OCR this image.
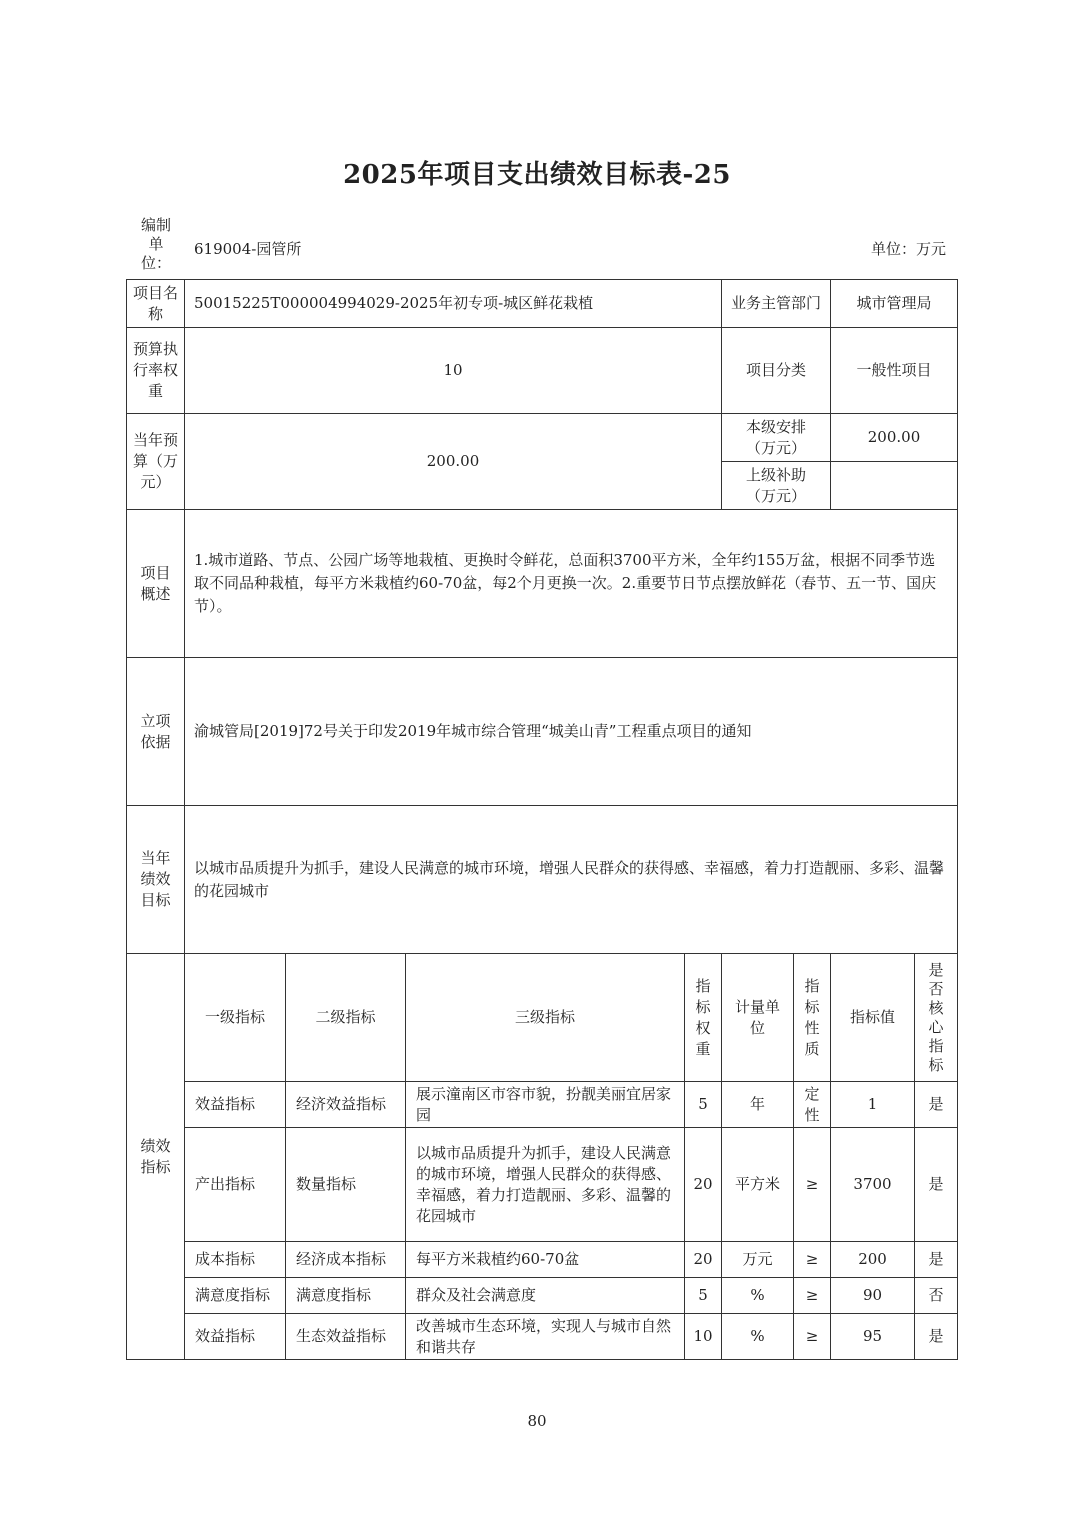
2025年项目支出绩效目标表-25
编制单位：
619004-园管所	单位：万元
项目名称	50015225T000004994029-2025年初专项-城区鲜花栽植				业务主管部门		城市管理局	
预算执行率权重	10				项目分类		一般性项目	
当年预算（万元）	200.00				本级安排（万元）		200.00	
					上级补助（万元）			
项目概述	1.城市道路、节点、公园广场等地栽植、更换时令鲜花，总面积3700平方米，全年约155万盆，根据不同季节选取不同品种栽植，每平方米栽植约60-70盆，每2个月更换一次。2.重要节日节点摆放鲜花（春节、五一节、国庆节）。							
立项依据	渝城管局[2019]72号关于印发2019年城市综合管理“城美山青”工程重点项目的通知							
当年绩效目标	以城市品质提升为抓手，建设人民满意的城市环境，增强人民群众的获得感、幸福感，着力打造靓丽、多彩、温馨的花园城市							
绩效指标	一级指标	二级指标	三级指标	指标权重	计量单位	指标性质	指标值	是否核心指标
	效益指标	经济效益指标	展示潼南区市容市貌，扮靓美丽宜居家园	5	年	定性	1	是
	产出指标	数量指标	以城市品质提升为抓手，建设人民满意的城市环境，增强人民群众的获得感、幸福感，着力打造靓丽、多彩、温馨的花园城市	20	平方米	≥	3700	是
	成本指标	经济成本指标	每平方米栽植约60-70盆	20	万元	≥	200	是
	满意度指标	满意度指标	群众及社会满意度	5	%	≥	90	否
	效益指标	生态效益指标	改善城市生态环境，实现人与城市自然和谐共存	10	%	≥	95	是
80
